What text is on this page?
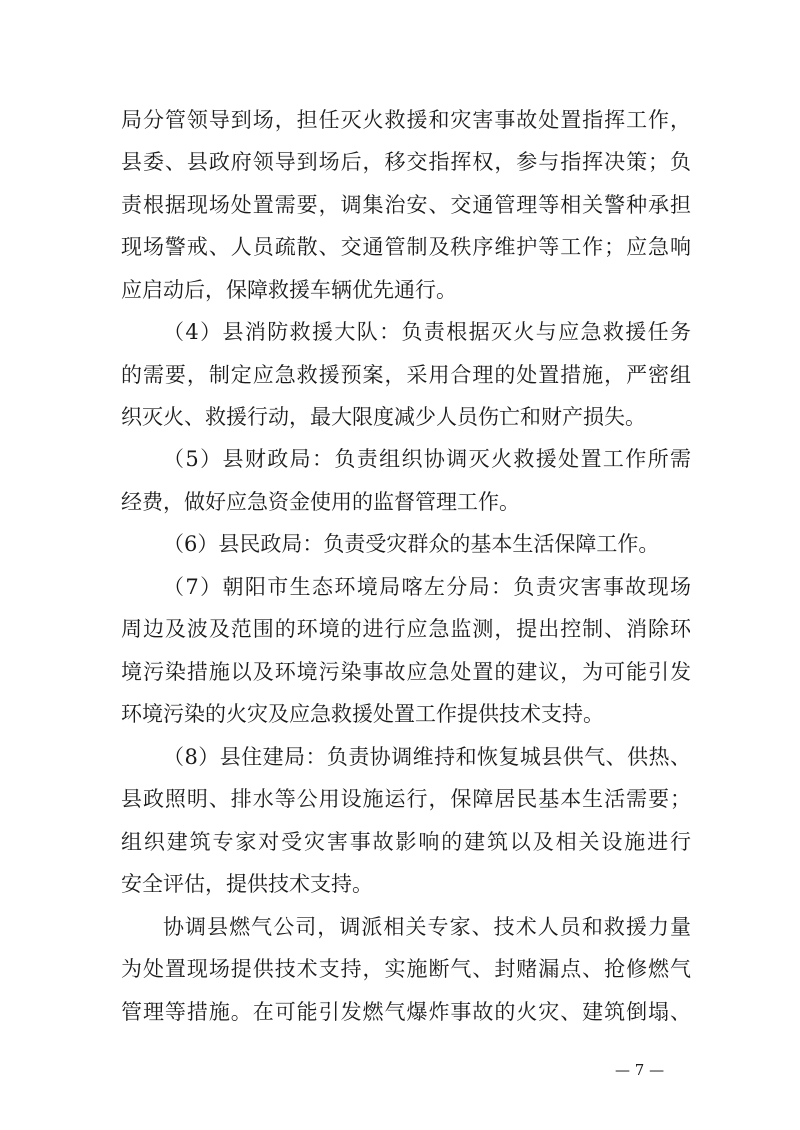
局分管领导到场，担任灭火救援和灾害事故处置指挥工作，
县委、县政府领导到场后，移交指挥权，参与指挥决策；负
责根据现场处置需要，调集治安、交通管理等相关警种承担
现场警戒、人员疏散、交通管制及秩序维护等工作；应急响
应启动后，保障救援车辆优先通行。
（4）县消防救援大队：负责根据灭火与应急救援任务
的需要，制定应急救援预案，采用合理的处置措施，严密组
织灭火、救援行动，最大限度减少人员伤亡和财产损失。
（5）县财政局：负责组织协调灭火救援处置工作所需
经费，做好应急资金使用的监督管理工作。
（6）县民政局：负责受灾群众的基本生活保障工作。
（7）朝阳市生态环境局喀左分局：负责灾害事故现场
周边及波及范围的环境的进行应急监测，提出控制、消除环
境污染措施以及环境污染事故应急处置的建议，为可能引发
环境污染的火灾及应急救援处置工作提供技术支持。
（8）县住建局：负责协调维持和恢复城县供气、供热、
县政照明、排水等公用设施运行，保障居民基本生活需要；
组织建筑专家对受灾害事故影响的建筑以及相关设施进行
安全评估，提供技术支持。
协调县燃气公司，调派相关专家、技术人员和救援力量
为处置现场提供技术支持，实施断气、封赌漏点、抢修燃气
管理等措施。在可能引发燃气爆炸事故的火灾、建筑倒塌、
— 7 —
